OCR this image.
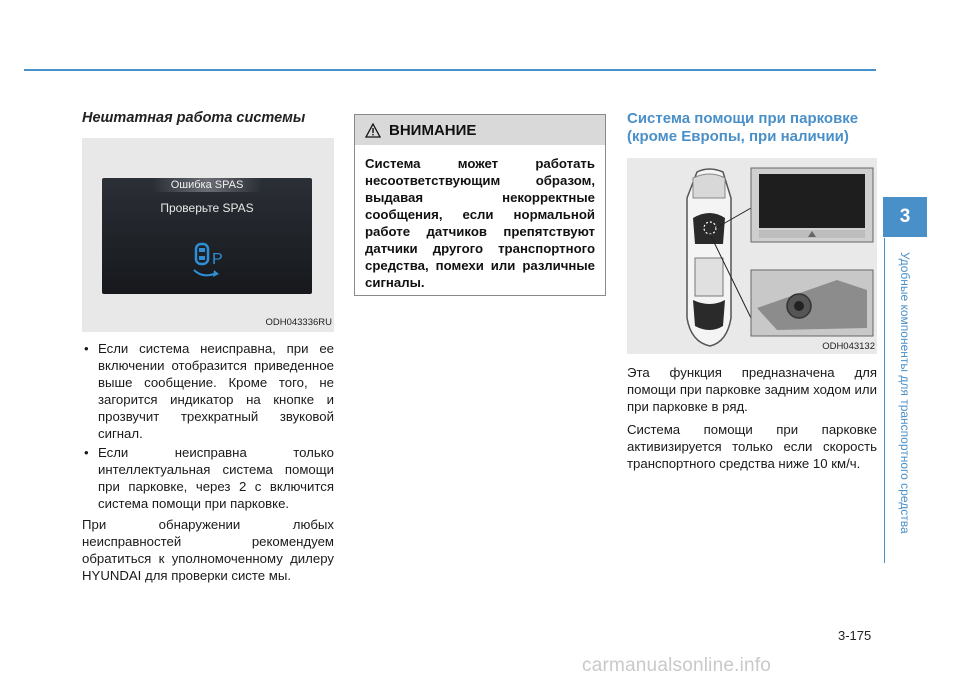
Нештатная работа системы
Ошибка SPAS
Проверьте SPAS
P
ODH043336RU
• Если система неисправна, при ее включении отобразится приведенное выше сообщение. Кроме того, не загорится индикатор на кнопке и прозвучит трехкратный звуковой сигнал.
• Если неисправна только интеллектуальная система помощи при парковке, через 2 с включится система помощи при парковке.

При обнаружении любых неисправностей рекомендуем обратиться к уполномоченному дилеру HYUNDAI для проверки систе мы.

ВНИМАНИЕ
Система может работать несоответствующим образом, выдавая некорректные сообщения, если нормальной работе датчиков препятствуют датчики другого транспортного средства, помехи или различные сигналы.
Система помощи при парковке (кроме Европы, при наличии)
ODH043132

Эта функция предназначена для помощи при парковке задним ходом или при парковке в ряд.

Система помощи при парковке активизируется только если скорость транспортного средства ниже 10 км/ч.

3
Удобные компоненты для транспортного средства
3-175
carmanualsonline.info
